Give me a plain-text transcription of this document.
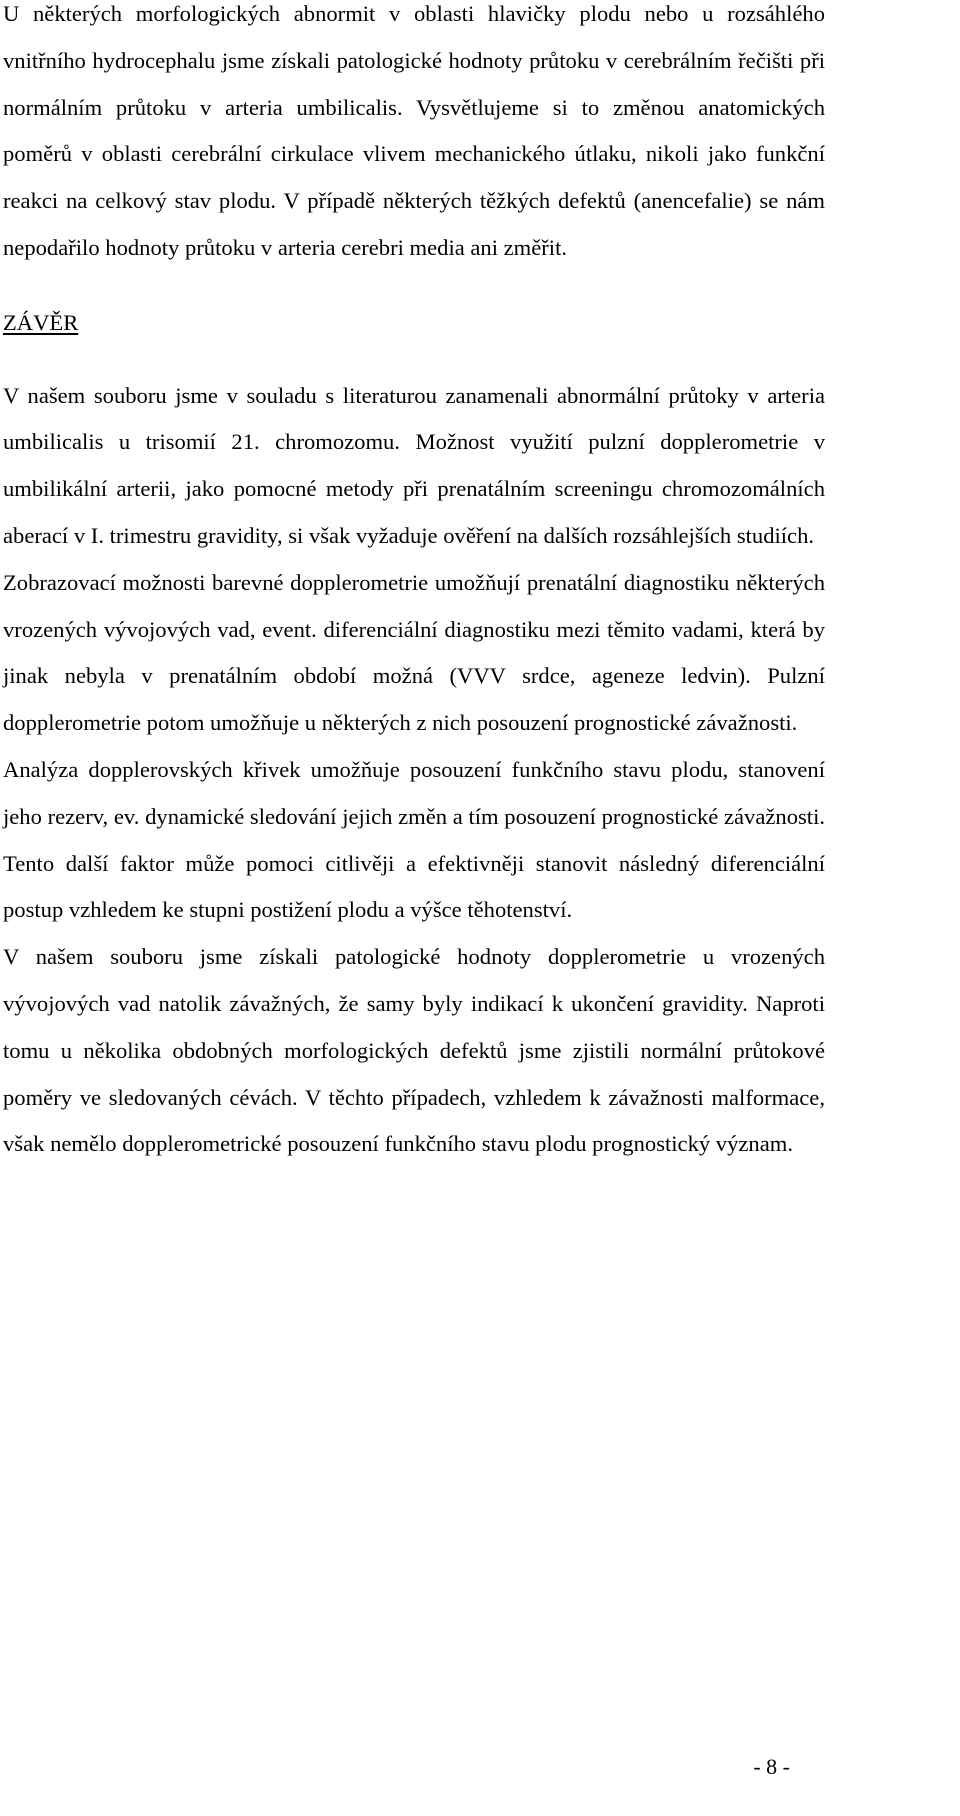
U některých morfologických abnormit v oblasti hlavičky plodu nebo u rozsáhlého vnitřního hydrocephalu jsme získali patologické hodnoty průtoku v cerebrálním řečišti při normálním průtoku v arteria umbilicalis. Vysvětlujeme si to změnou anatomických poměrů v oblasti cerebrální cirkulace vlivem mechanického útlaku, nikoli jako funkční reakci na celkový stav plodu. V případě některých těžkých defektů (anencefalie) se nám nepodařilo hodnoty průtoku v arteria cerebri media ani změřit.

ZÁVĚR

V našem souboru jsme v souladu s literaturou zanamenali abnormální průtoky v arteria umbilicalis u trisomií 21. chromozomu. Možnost využití pulzní dopplerometrie v umbilikální arterii, jako pomocné metody při prenatálním screeningu chromozomálních aberací v I. trimestru gravidity, si však vyžaduje ověření na dalších rozsáhlejších studiích.

Zobrazovací možnosti barevné dopplerometrie umožňují prenatální diagnostiku některých vrozených vývojových vad, event. diferenciální diagnostiku mezi těmito vadami, která by jinak nebyla v prenatálním období možná (VVV srdce, ageneze ledvin). Pulzní dopplerometrie potom umožňuje u některých z nich posouzení prognostické závažnosti.

Analýza dopplerovských křivek umožňuje posouzení funkčního stavu plodu, stanovení jeho rezerv, ev. dynamické sledování jejich změn a tím posouzení prognostické závažnosti. Tento další faktor může pomoci citlivěji a efektivněji stanovit následný diferenciální postup vzhledem ke stupni postižení plodu a výšce těhotenství.

V našem souboru jsme získali patologické hodnoty dopplerometrie u vrozených vývojových vad natolik závažných, že samy byly indikací k ukončení gravidity. Naproti tomu u několika obdobných morfologických defektů jsme zjistili normální průtokové poměry ve sledovaných cévách. V těchto případech, vzhledem k závažnosti malformace, však nemělo dopplerometrické posouzení funkčního stavu plodu prognostický význam.

- 8 -
